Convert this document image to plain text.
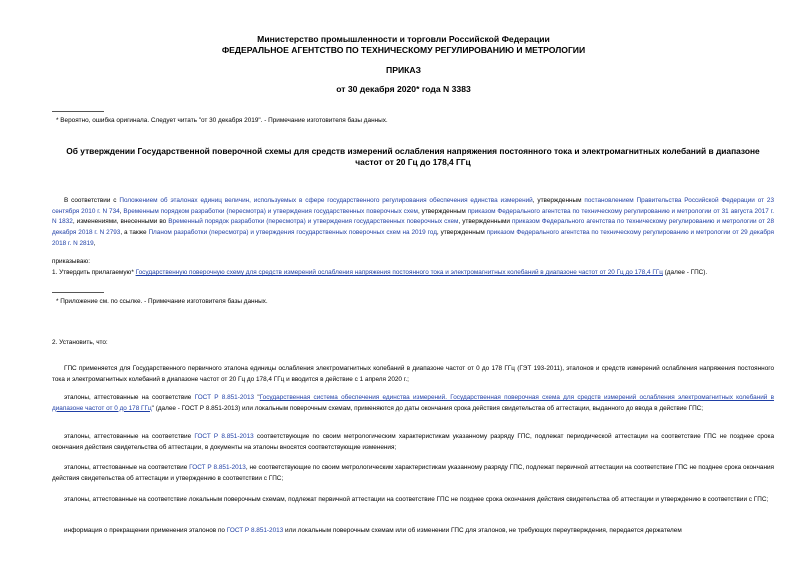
Министерство промышленности и торговли Российской Федерации

ФЕДЕРАЛЬНОЕ АГЕНТСТВО ПО ТЕХНИЧЕСКОМУ РЕГУЛИРОВАНИЮ И МЕТРОЛОГИИ

ПРИКАЗ

от 30 декабря 2020* года N 3383

* Вероятно, ошибка оригинала. Следует читать "от 30 декабря 2019". - Примечание изготовителя базы данных.

Об утверждении Государственной поверочной схемы для средств измерений ослабления напряжения постоянного тока и электромагнитных колебаний в диапазоне частот от 20 Гц до 178,4 ГГц

В соответствии с Положением об эталонах единиц величин, используемых в сфере государственного регулирования обеспечения единства измерений, утвержденным постановлением Правительства Российской Федерации от 23 сентября 2010 г. N 734, Временным порядком разработки (пересмотра) и утверждения государственных поверочных схем, утвержденным приказом Федерального агентства по техническому регулированию и метрологии от 31 августа 2017 г. N 1832, изменениями, внесенными во Временный порядок разработки (пересмотра) и утверждения государственных поверочных схем, утвержденными приказом Федерального агентства по техническому регулированию и метрологии от 28 декабря 2018 г. N 2793, а также Планом разработки (пересмотра) и утверждения государственных поверочных схем на 2019 год, утвержденным приказом Федерального агентства по техническому регулированию и метрологии от 29 декабря 2018 г. N 2819,

приказываю:

1. Утвердить прилагаемую* Государственную поверочную схему для средств измерений ослабления напряжения постоянного тока и электромагнитных колебаний в диапазоне частот от 20 Гц до 178,4 ГГц (далее - ГПС).

* Приложение см. по ссылке. - Примечание изготовителя базы данных.

2. Установить, что:

ГПС применяется для Государственного первичного эталона единицы ослабления электромагнитных колебаний в диапазоне частот от 0 до 178 ГГц (ГЭТ 193-2011), эталонов и средств измерений ослабления напряжения постоянного тока и электромагнитных колебаний в диапазоне частот от 20 Гц до 178,4 ГГц и вводится в действие с 1 апреля 2020 г.;

эталоны, аттестованные на соответствие ГОСТ Р 8.851-2013 "Государственная система обеспечения единства измерений. Государственная поверочная схема для средств измерений ослабления электромагнитных колебаний в диапазоне частот от 0 до 178 ГГц" (далее - ГОСТ Р 8.851-2013) или локальным поверочным схемам, применяются до даты окончания срока действия свидетельства об аттестации, выданного до ввода в действие ГПС;

эталоны, аттестованные на соответствие ГОСТ Р 8.851-2013 соответствующие по своим метрологическим характеристикам указанному разряду ГПС, подлежат периодической аттестации на соответствие ГПС не позднее срока окончания действия свидетельства об аттестации, в документы на эталоны вносятся соответствующие изменения;

эталоны, аттестованные на соответствие ГОСТ Р 8.851-2013, не соответствующие по своим метрологическим характеристикам указанному разряду ГПС, подлежат первичной аттестации на соответствие ГПС не позднее срока окончания действия свидетельства об аттестации и утверждению в соответствии с ГПС;

эталоны, аттестованные на соответствие локальным поверочным схемам, подлежат первичной аттестации на соответствие ГПС не позднее срока окончания действия свидетельства об аттестации и утверждению в соответствии с ГПС;

информация о прекращении применения эталонов по ГОСТ Р 8.851-2013 или локальным поверочным схемам или об изменении ГПС для эталонов, не требующих переутверждения, передается держателем
